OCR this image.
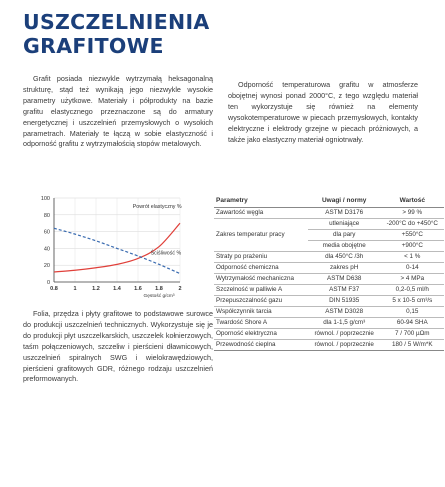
USZCZELNIENIA
GRAFITOWE

Grafit posiada niezwykle wytrzymałą heksagonalną strukturę, stąd też wynikają jego niezwykle wysokie parametry użytkowe. Materiały i półprodukty na bazie grafitu elastycznego przeznaczone są do armatury energetycznej i uszczelnień przemysłowych o wysokich parametrach. Materiały te łączą w sobie elastyczność i odporność grafitu z wytrzymałością stopów metalowych.

Odporność temperaturowa grafitu w atmosferze obojętnej wynosi ponad 2000°C, z tego względu materiał ten wykorzystuje się również na elementy wysokotemperaturowe w piecach przemysłowych, kontakty elektryczne i elektrody grzejne w piecach próżniowych, a także jako elastyczny materiał ogniotrwały.

0
20
40
60
80
100
0.8	1	1.2 1.4 1.6 1.8	2
Gęstość g/cm³
Powrót elastyczny %
Ściśliwość %

Folia, przędza i płyty grafitowe to podstawowe surowce do produkcji uszczelnień technicznych. Wykorzystuje się je do produkcji płyt uszczelkarskich, uszczelek kołnierzowych, taśm połączeniowych, szczeliw i pierścieni dławnicowych, uszczelnień spiralnych SWG i wielokrawędziowych, pierścieni grafitowych GDR, różnego rodzaju uszczelnień preformowanych.

Parametry	Uwagi / normy	Wartość
Zawartość węgla	ASTM D3176	> 99 %
Zakres temperatur pracy	utleniające	-200°C do +450°C
	dla pary	+550°C
	media obojętne	+900°C
Straty po prażeniu	dla 450°C /3h	< 1 %
Odporność chemiczna	zakres pH	0-14
Wytrzymałość mechaniczna	ASTM D638	> 4 MPa
Szczelność w palliwie A	ASTM F37	0,2-0,5 ml/h
Przepuszczalność gazu	DIN 51935	5 x 10-5 cm³/s
Współczynnik tarcia	ASTM D3028	0,15
Twardość Shore A	dla 1-1,5 g/cm³	60-94 SHA
Oporność elektryczna	równol. / poprzecznie	7 / 700 µΩm
Przewodność cieplna	równol. / poprzecznie	180 / 5 W/m*K
